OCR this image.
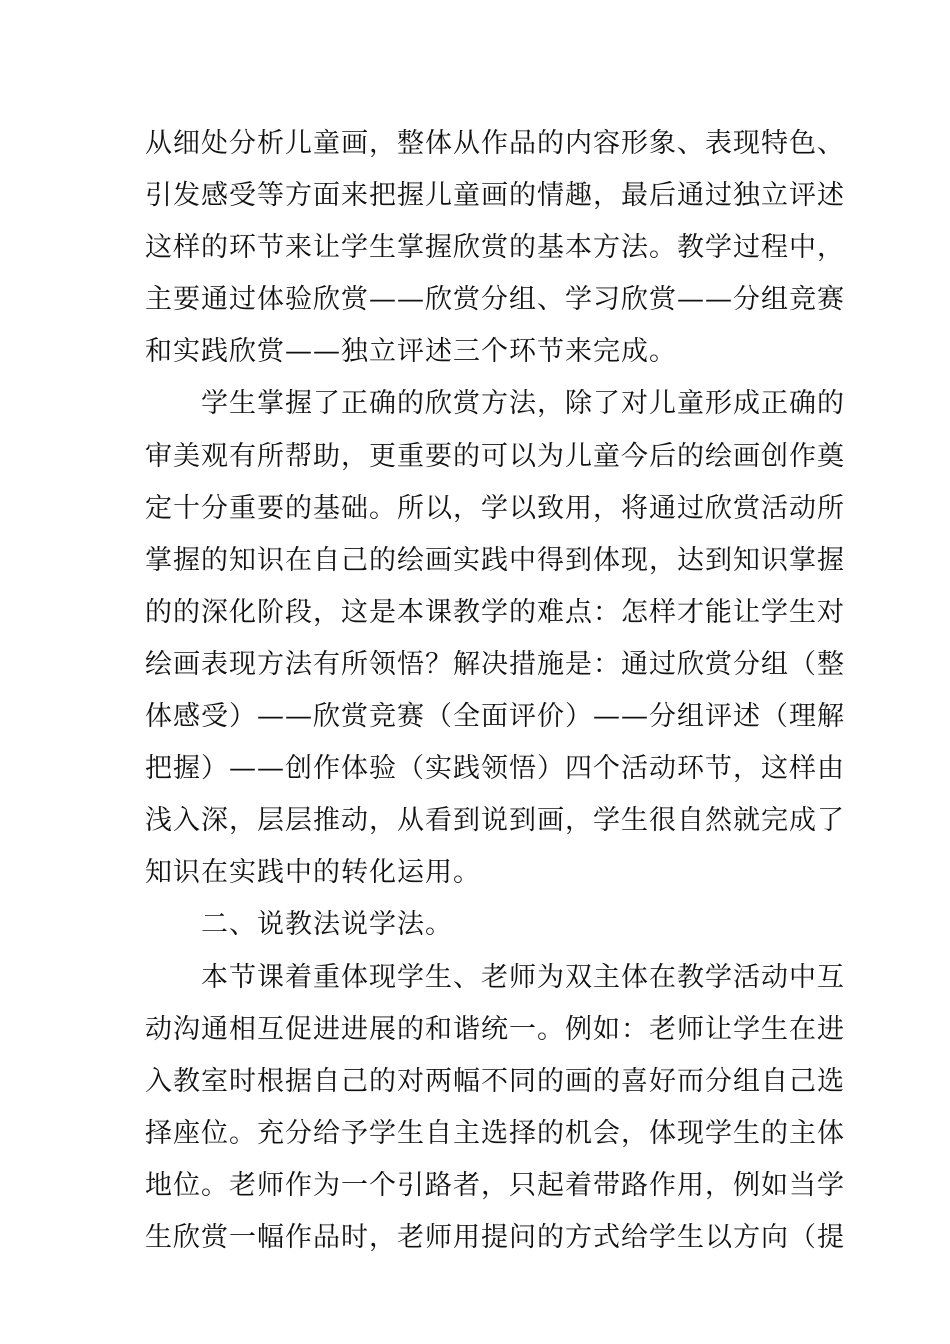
从细处分析儿童画，整体从作品的内容形象、表现特色、
引发感受等方面来把握儿童画的情趣，最后通过独立评述
这样的环节来让学生掌握欣赏的基本方法。教学过程中，
主要通过体验欣赏——欣赏分组、学习欣赏——分组竞赛
和实践欣赏——独立评述三个环节来完成。
学生掌握了正确的欣赏方法，除了对儿童形成正确的
审美观有所帮助，更重要的可以为儿童今后的绘画创作奠
定十分重要的基础。所以，学以致用，将通过欣赏活动所
掌握的知识在自己的绘画实践中得到体现，达到知识掌握
的的深化阶段，这是本课教学的难点：怎样才能让学生对
绘画表现方法有所领悟？解决措施是：通过欣赏分组（整
体感受）——欣赏竞赛（全面评价）——分组评述（理解
把握）——创作体验（实践领悟）四个活动环节，这样由
浅入深，层层推动，从看到说到画，学生很自然就完成了
知识在实践中的转化运用。
二、说教法说学法。
本节课着重体现学生、老师为双主体在教学活动中互
动沟通相互促进进展的和谐统一。例如：老师让学生在进
入教室时根据自己的对两幅不同的画的喜好而分组自己选
择座位。充分给予学生自主选择的机会，体现学生的主体
地位。老师作为一个引路者，只起着带路作用，例如当学
生欣赏一幅作品时，老师用提问的方式给学生以方向（提
